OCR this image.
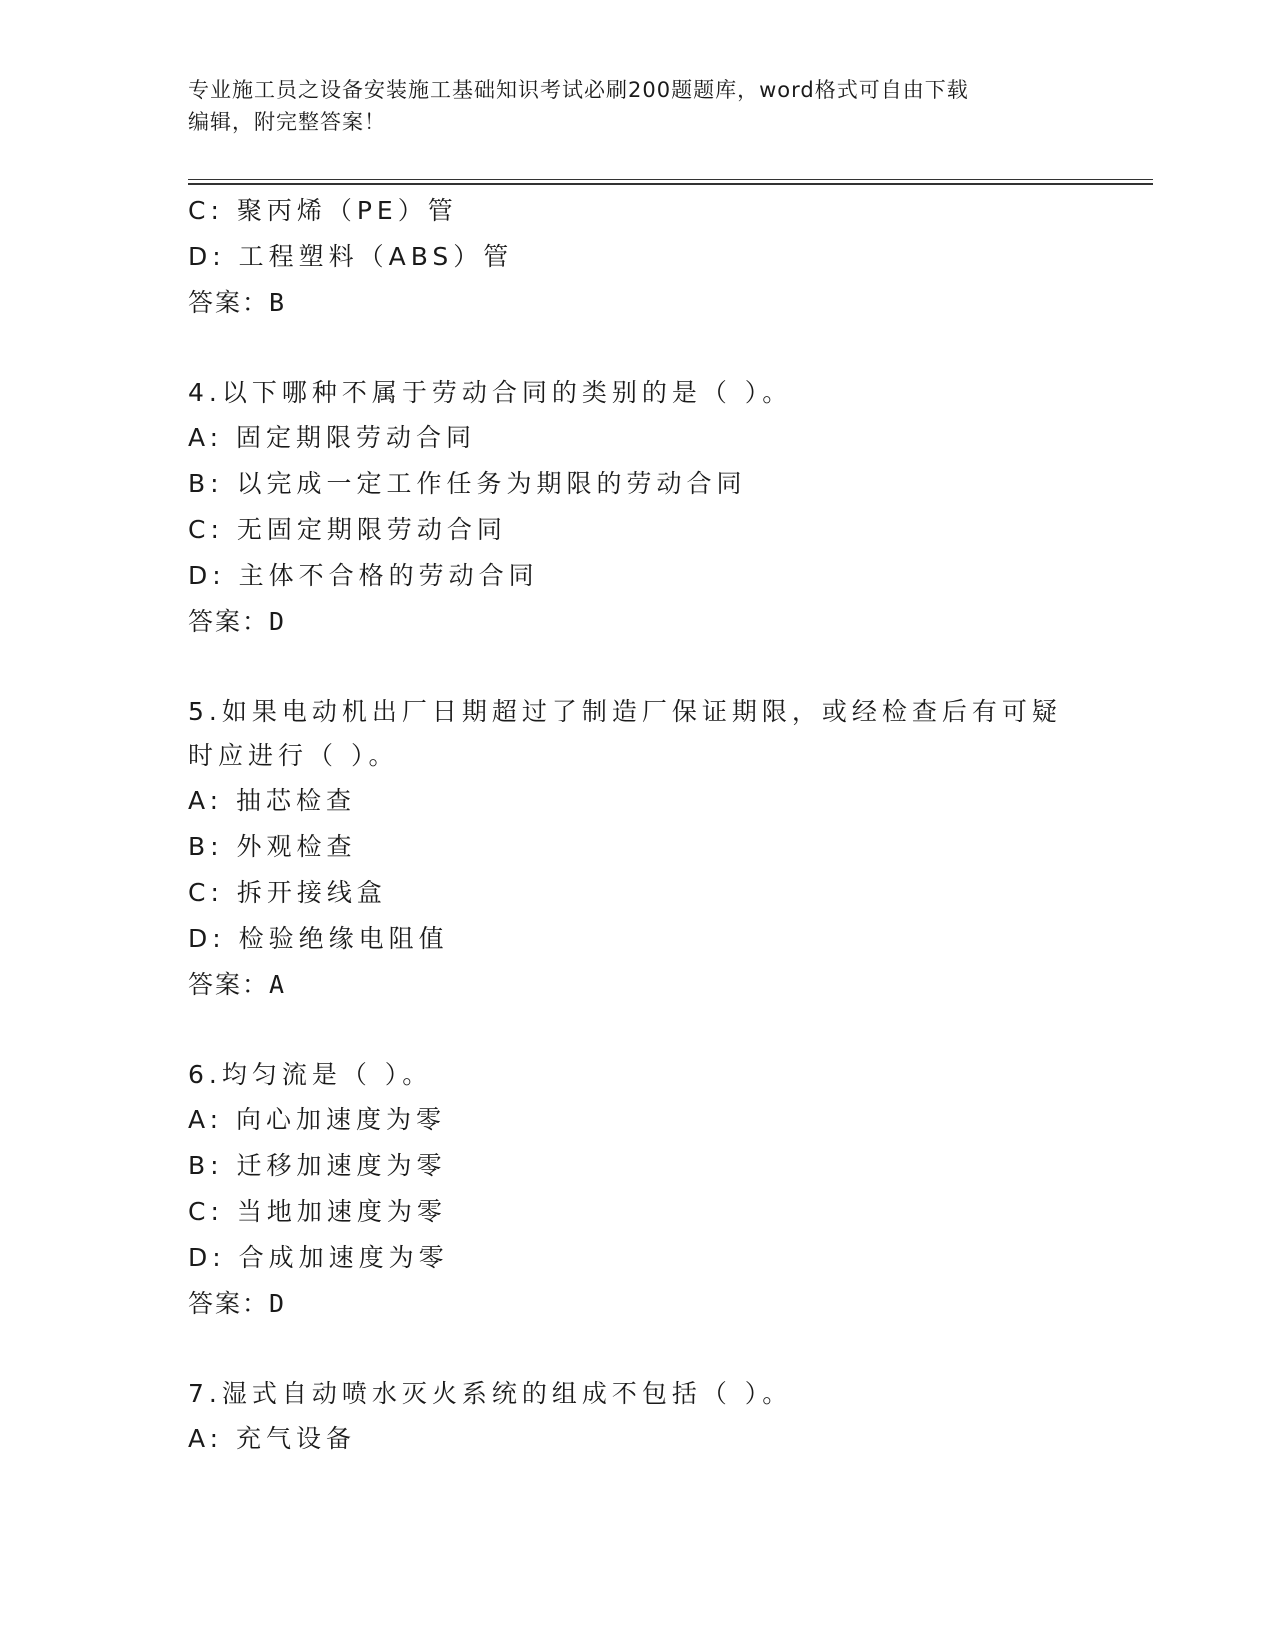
专业施工员之设备安装施工基础知识考试必刷200题题库，word格式可自由下载
编辑，附完整答案！
C: 聚丙烯（PE）管
D: 工程塑料（ABS）管
答案：B
4.以下哪种不属于劳动合同的类别的是（ ）。
A: 固定期限劳动合同
B: 以完成一定工作任务为期限的劳动合同
C: 无固定期限劳动合同
D: 主体不合格的劳动合同
答案：D
5.如果电动机出厂日期超过了制造厂保证期限，或经检查后有可疑时应进行（ ）。
A: 抽芯检查
B: 外观检查
C: 拆开接线盒
D: 检验绝缘电阻值
答案：A
6.均匀流是（ ）。
A: 向心加速度为零
B: 迁移加速度为零
C: 当地加速度为零
D: 合成加速度为零
答案：D
7.湿式自动喷水灭火系统的组成不包括（ ）。
A: 充气设备
